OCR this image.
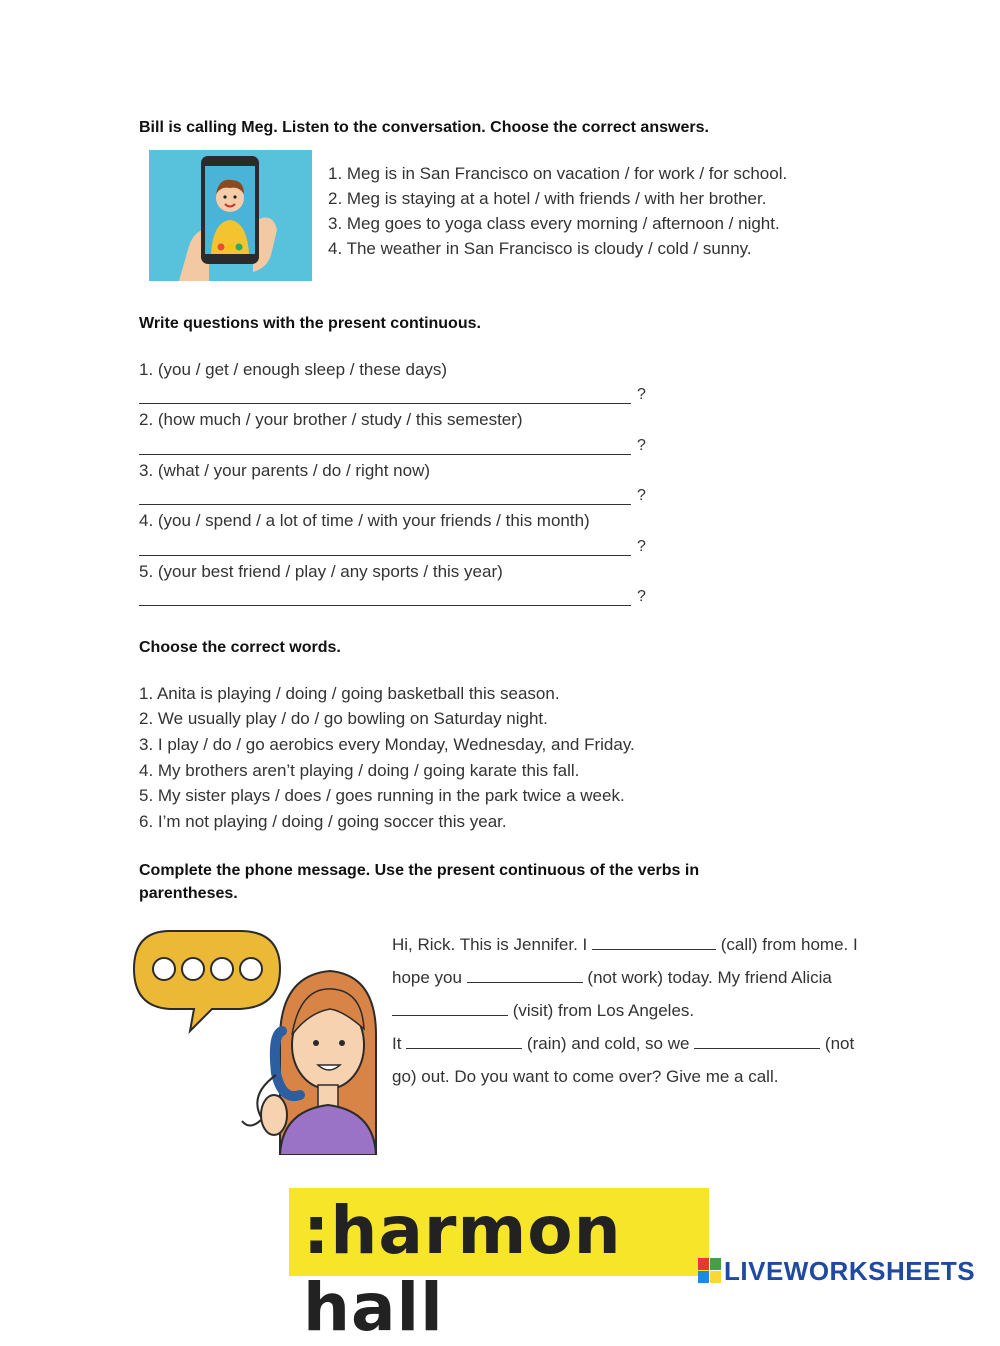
Bill is calling Meg. Listen to the conversation. Choose the correct answers.
1. Meg is in San Francisco on vacation / for work / for school.
2. Meg is staying at a hotel / with friends / with her brother.
3. Meg goes to yoga class every morning / afternoon / night.
4. The weather in San Francisco is cloudy / cold / sunny.
Write questions with the present continuous.
1. (you / get / enough sleep / these days)
?
2. (how much / your brother / study / this semester)
?
3. (what / your parents / do / right now)
?
4. (you / spend / a lot of time / with your friends / this month)
?
5. (your best friend / play / any sports / this year)
?
Choose the correct words.
1. Anita is playing / doing / going basketball this season.
2. We usually play / do / go bowling on Saturday night.
3. I play / do / go aerobics every Monday, Wednesday, and Friday.
4. My brothers aren’t playing / doing / going karate this fall.
5. My sister plays / does / goes running in the park twice a week.
6. I’m not playing / doing / going soccer this year.
Complete the phone message. Use the present continuous of the verbs in
parentheses.
Hi, Rick. This is Jennifer. I	(call) from home. I hope you	(not work) today. My friend Alicia  (visit) from Los Angeles.
It	(rain) and cold, so we	(not go) out. Do you want to come over? Give me a call.
:harmon hall	LIVEWORKSHEETS
